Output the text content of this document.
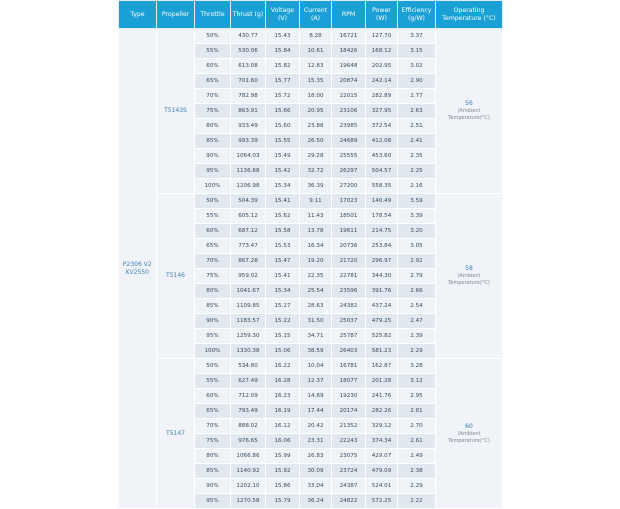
Type	Propeller	Throttle	Thrust (g)	Voltage (V)	Current (A)	RPM	Power (W)	Efficiency (g/W)	Operating Temperature (°C)
P2306 V2 KV2550	T5143S	50%	430.77	15.43	8.28	16721	127.70	3.37	56
(Ambient Temperature(°C)

		55%	530.06	15.84	10.61	18426	168.12	3.15	
		60%	613.08	15.82	12.83	19648	202.95	3.02	
		65%	701.60	15.77	15.35	20874	242.14	2.90	
		70%	782.98	15.72	18.00	22015	282.89	2.77	
		75%	863.91	15.66	20.95	23106	327.95	2.63	
		80%	933.49	15.60	23.88	23985	372.54	2.51	
		85%	993.39	15.55	26.50	24689	412.08	2.41	
		90%	1064.03	15.49	29.28	25555	453.60	2.35	
		95%	1136.68	15.42	32.72	26297	504.57	2.25	
		100%	1206.98	15.34	36.39	27200	558.35	2.16	
	T5146	50%	504.39	15.41	9.11	17023	140.49	3.59	58
(Ambient Temperature(°C)

		55%	605.12	15.62	11.43	18501	178.54	3.39	
		60%	687.12	15.58	13.78	19611	214.75	3.20	
		65%	773.47	15.53	16.34	20736	253.84	3.05	
		70%	867.28	15.47	19.20	21720	296.97	2.92	
		75%	959.02	15.41	22.35	22781	344.30	2.79	
		80%	1041.67	15.34	25.54	23596	391.76	2.66	
		85%	1109.85	15.27	28.63	24382	437.24	2.54	
		90%	1183.57	15.22	31.50	25037	479.25	2.47	
		95%	1259.30	15.15	34.71	25787	525.82	2.39	
		100%	1330.38	15.06	38.59	26403	581.23	2.29	
	T5147	50%	534.80	16.22	10.04	16781	162.87	3.28	60
(Ambient Temperature(°C)

		55%	627.49	16.28	12.37	18077	201.28	3.12	
		60%	712.09	16.23	14.89	19230	241.76	2.95	
		65%	793.49	16.19	17.44	20174	282.26	2.81	
		70%	888.02	16.12	20.42	21352	329.12	2.70	
		75%	976.65	16.06	23.31	22243	374.34	2.61	
		80%	1066.86	15.99	26.83	23075	429.07	2.49	
		85%	1140.92	15.92	30.09	23724	479.09	2.38	
		90%	1202.10	15.86	33.04	24387	524.01	2.29	
		95%	1270.58	15.79	36.24	24822	572.25	2.22	
